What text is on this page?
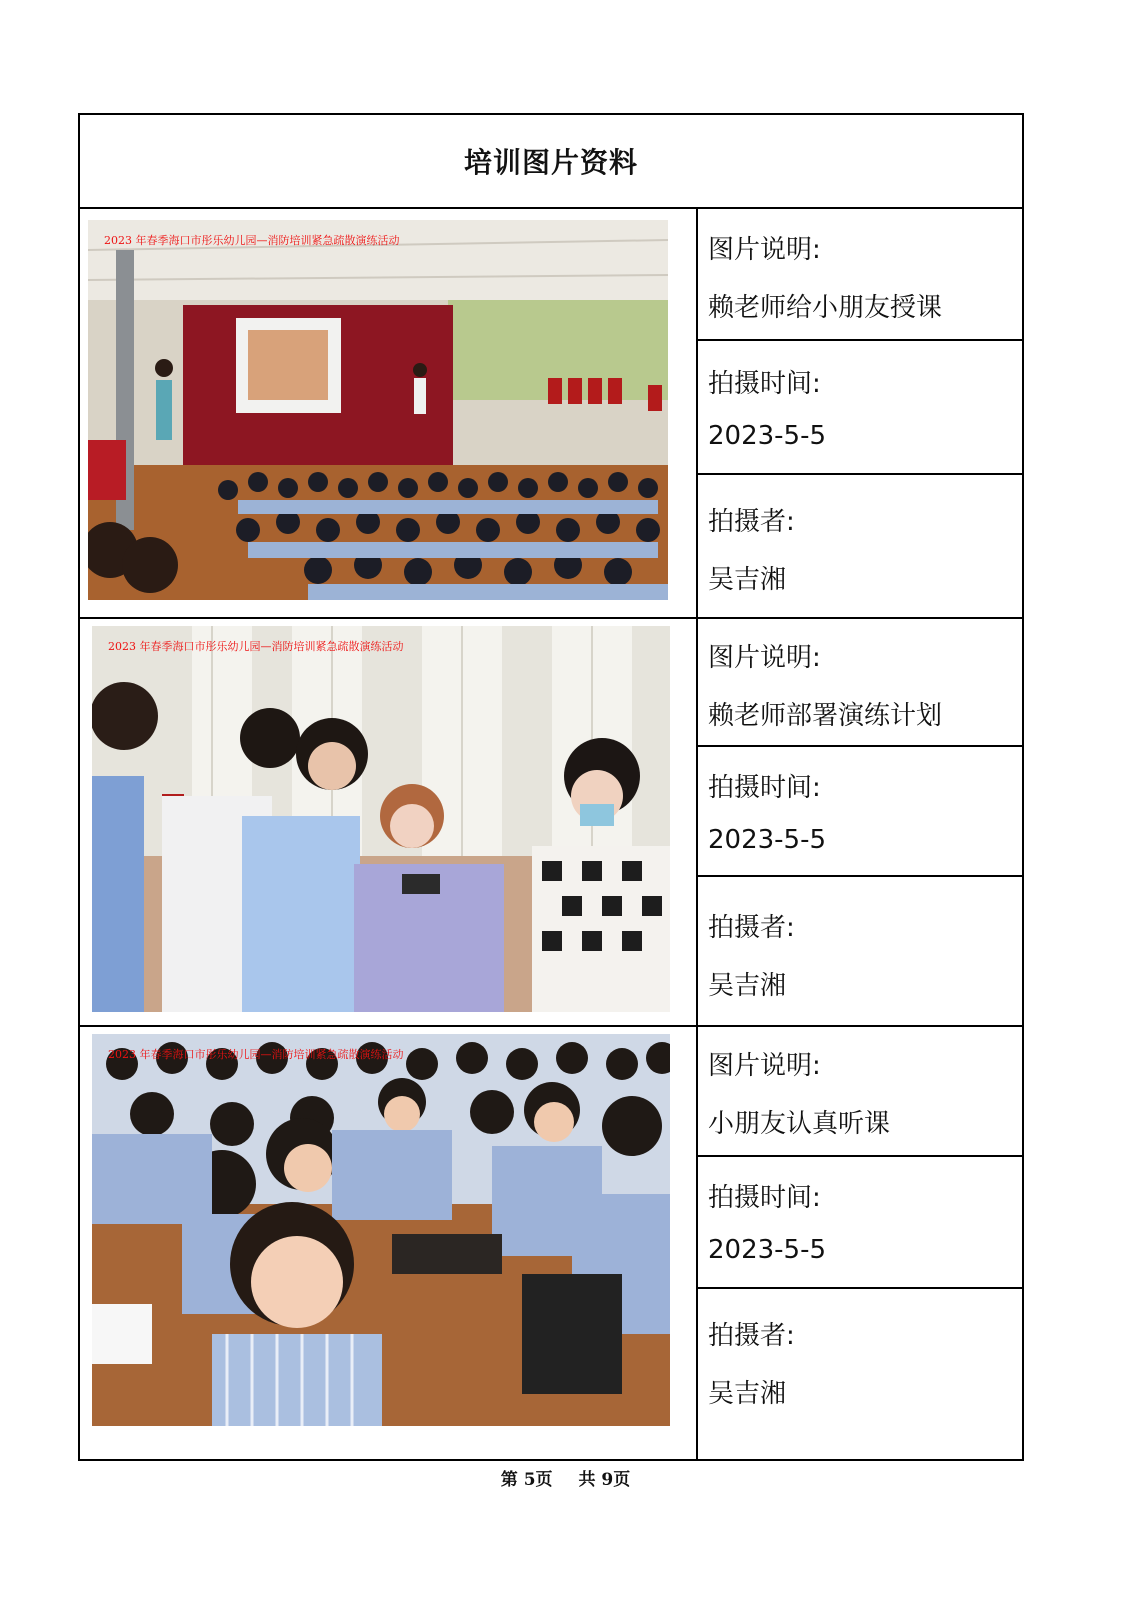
培训图片资料
2023 年春季海口市彤乐幼儿园—消防培训紧急疏散演练活动	图片说明:
赖老师给小朋友授课
拍摄时间:
2023-5-5
拍摄者:
吴吉湘
2023 年春季海口市彤乐幼儿园—消防培训紧急疏散演练活动	图片说明:
赖老师部署演练计划
拍摄时间:
2023-5-5
拍摄者:
吴吉湘
2023 年春季海口市彤乐幼儿园—消防培训紧急疏散演练活动	图片说明:
小朋友认真听课
拍摄时间:
2023-5-5
拍摄者:
吴吉湘
第 5页 共 9页
